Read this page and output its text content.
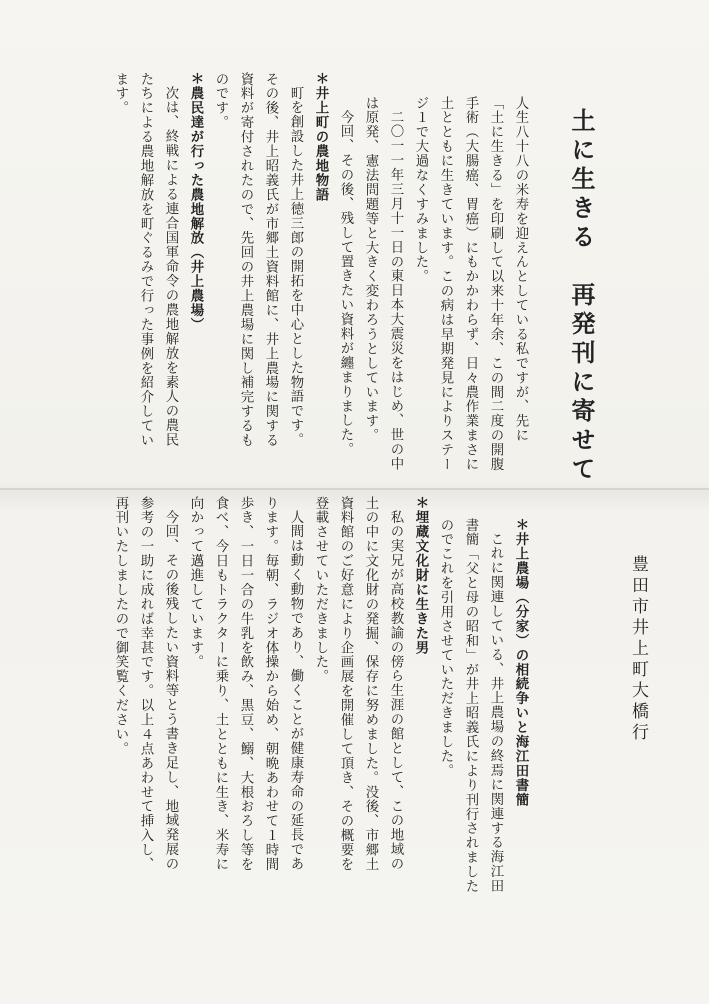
土に生きる　再発刊に寄せて
豊田市井上町大橋行
人生八十八の米寿を迎えんとしている私ですが、先に
「土に生きる」を印刷して以来十年余、この間二度の開腹
手術（大腸癌、胃癌）にもかかわらず、日々農作業まさに
土とともに生きています。この病は早期発見によりステー
ジ１で大過なくすみました。
二〇一一年三月十一日の東日本大震災をはじめ、世の中
は原発、憲法問題等と大きく変わろうとしています。
今回、その後、残して置きたい資料が纏まりました。
＊井上町の農地物語
町を創設した井上徳三郎の開拓を中心とした物語です。
その後、井上昭義氏が市郷土資料館に、井上農場に関する
資料が寄付されたので、先回の井上農場に関し補完するも
のです。
＊農民達が行った農地解放（井上農場）
次は、終戦による連合国軍命令の農地解放を素人の農民
たちによる農地解放を町ぐるみで行った事例を紹介してい
ます。
＊井上農場（分家）の相続争いと海江田書簡
これに関連している、井上農場の終焉に関連する海江田
書簡「父と母の昭和」が井上昭義氏により刊行されました
のでこれを引用させていただきました。
＊埋蔵文化財に生きた男
私の実兄が高校教諭の傍ら生涯の館として、この地域の
土の中に文化財の発掘、保存に努めました。没後、市郷土
資料館のご好意により企画展を開催して頂き、その概要を
登載させていただきました。
人間は動く動物であり、働くことが健康寿命の延長であ
ります。毎朝、ラジオ体操から始め、朝晩あわせて１時間
歩き、一日一合の牛乳を飲み、黒豆、鰯、大根おろし等を
食べ、今日もトラクターに乗り、土とともに生き、米寿に
向かって邁進しています。
今回、その後残したい資料等とう書き足し、地域発展の
参考の一助に成れば幸甚です。以上４点あわせて挿入し、
再刊いたしましたので御笑覧ください。
